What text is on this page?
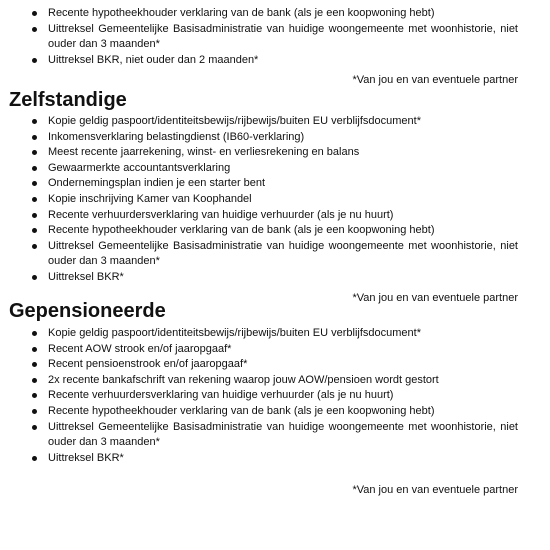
Recente hypotheekhouder verklaring van de bank (als je een koopwoning hebt)
Uittreksel Gemeentelijke Basisadministratie van huidige woongemeente met woonhistorie, niet ouder dan 3 maanden*
Uittreksel BKR, niet ouder dan 2 maanden*
*Van jou en van eventuele partner
Zelfstandige
Kopie geldig paspoort/identiteitsbewijs/rijbewijs/buiten EU verblijfsdocument*
Inkomensverklaring belastingdienst (IB60-verklaring)
Meest recente jaarrekening, winst- en verliesrekening en balans
Gewaarmerkte accountantsverklaring
Ondernemingsplan indien je een starter bent
Kopie inschrijving Kamer van Koophandel
Recente verhuurdersverklaring van huidige verhuurder (als je nu huurt)
Recente hypotheekhouder verklaring van de bank (als je een koopwoning hebt)
Uittreksel Gemeentelijke Basisadministratie van huidige woongemeente met woonhistorie, niet ouder dan 3 maanden*
Uittreksel BKR*
*Van jou en van eventuele partner
Gepensioneerde
Kopie geldig paspoort/identiteitsbewijs/rijbewijs/buiten EU verblijfsdocument*
Recent AOW strook en/of jaaropgaaf*
Recent pensioenstrook en/of jaaropgaaf*
2x recente bankafschrift van rekening waarop jouw AOW/pensioen wordt gestort
Recente verhuurdersverklaring van huidige verhuurder (als je nu huurt)
Recente hypotheekhouder verklaring van de bank (als je een koopwoning hebt)
Uittreksel Gemeentelijke Basisadministratie van huidige woongemeente met woonhistorie, niet ouder dan 3 maanden*
Uittreksel BKR*
*Van jou en van eventuele partner
